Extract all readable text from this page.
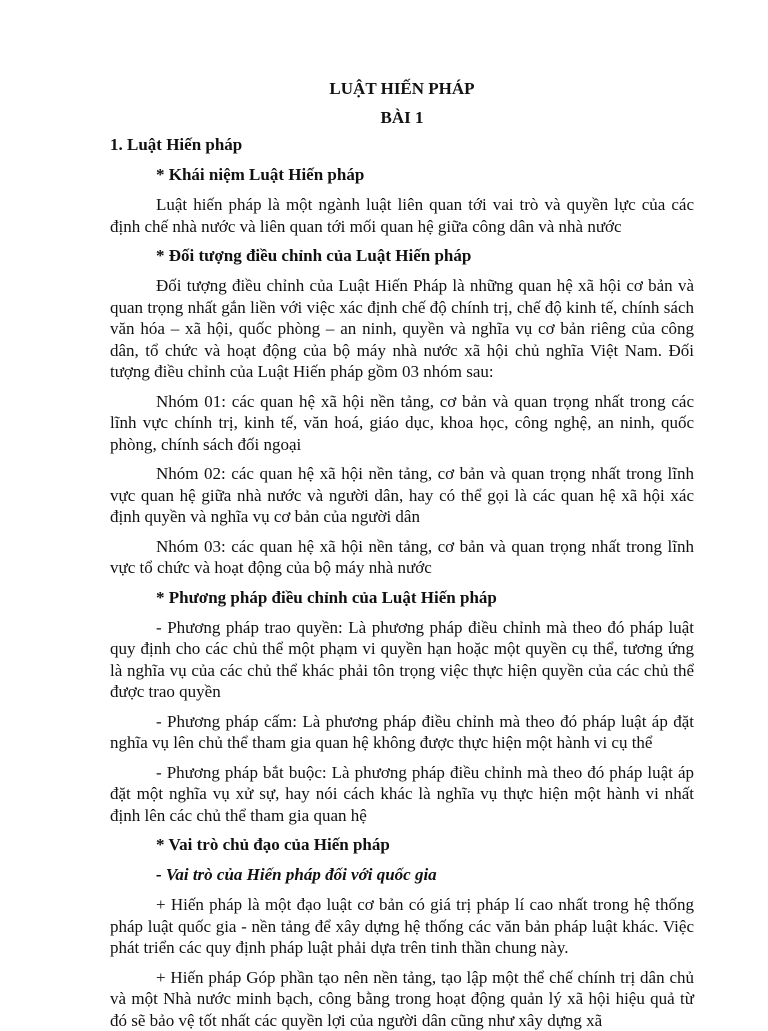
LUẬT HIẾN PHÁP
BÀI 1
1. Luật Hiến pháp
* Khái niệm Luật Hiến pháp

Luật hiến pháp là một ngành luật liên quan tới vai trò và quyền lực của các định chế nhà nước và liên quan tới mối quan hệ giữa công dân và nhà nước

* Đối tượng điều chỉnh của Luật Hiến pháp

Đối tượng điều chỉnh của Luật Hiến Pháp là những quan hệ xã hội cơ bản và quan trọng nhất gắn liền với việc xác định chế độ chính trị, chế độ kinh tế, chính sách văn hóa – xã hội, quốc phòng – an ninh, quyền và nghĩa vụ cơ bản riêng của công dân, tổ chức và hoạt động của bộ máy nhà nước xã hội chủ nghĩa Việt Nam. Đối tượng điều chỉnh của Luật Hiến pháp gồm 03 nhóm sau:

Nhóm 01: các quan hệ xã hội nền tảng, cơ bản và quan trọng nhất trong các lĩnh vực chính trị, kinh tế, văn hoá, giáo dục, khoa học, công nghệ, an ninh, quốc phòng, chính sách đối ngoại

Nhóm 02: các quan hệ xã hội nền tảng, cơ bản và quan trọng nhất trong lĩnh vực quan hệ giữa nhà nước và người dân, hay có thể gọi là các quan hệ xã hội xác định quyền và nghĩa vụ cơ bản của người dân

Nhóm 03: các quan hệ xã hội nền tảng, cơ bản và quan trọng nhất trong lĩnh vực tổ chức và hoạt động của bộ máy nhà nước

* Phương pháp điều chỉnh của Luật Hiến pháp

- Phương pháp trao quyền: Là phương pháp điều chỉnh mà theo đó pháp luật quy định cho các chủ thể một phạm vi quyền hạn hoặc một quyền cụ thể, tương ứng là nghĩa vụ của các chủ thể khác phải tôn trọng việc thực hiện quyền của các chủ thể được trao quyền

- Phương pháp cấm: Là phương pháp điều chỉnh mà theo đó pháp luật áp đặt nghĩa vụ lên chủ thể tham gia quan hệ không được thực hiện một hành vi cụ thể

- Phương pháp bắt buộc: Là phương pháp điều chỉnh mà theo đó pháp luật áp đặt một nghĩa vụ xử sự, hay nói cách khác là nghĩa vụ thực hiện một hành vi nhất định lên các chủ thể tham gia quan hệ

* Vai trò chủ đạo của Hiến pháp
- Vai trò của Hiến pháp đối với quốc gia

+ Hiến pháp là một đạo luật cơ bản có giá trị pháp lí cao nhất trong hệ thống pháp luật quốc gia - nền tảng để xây dựng hệ thống các văn bản pháp luật khác. Việc phát triển các quy định pháp luật phải dựa trên tinh thần chung này.

+ Hiến pháp Góp phần tạo nên nền tảng, tạo lập một thể chế chính trị dân chủ và một Nhà nước minh bạch, công bằng trong hoạt động quản lý xã hội hiệu quả từ đó sẽ bảo vệ tốt nhất các quyền lợi của người dân cũng như xây dựng xã
